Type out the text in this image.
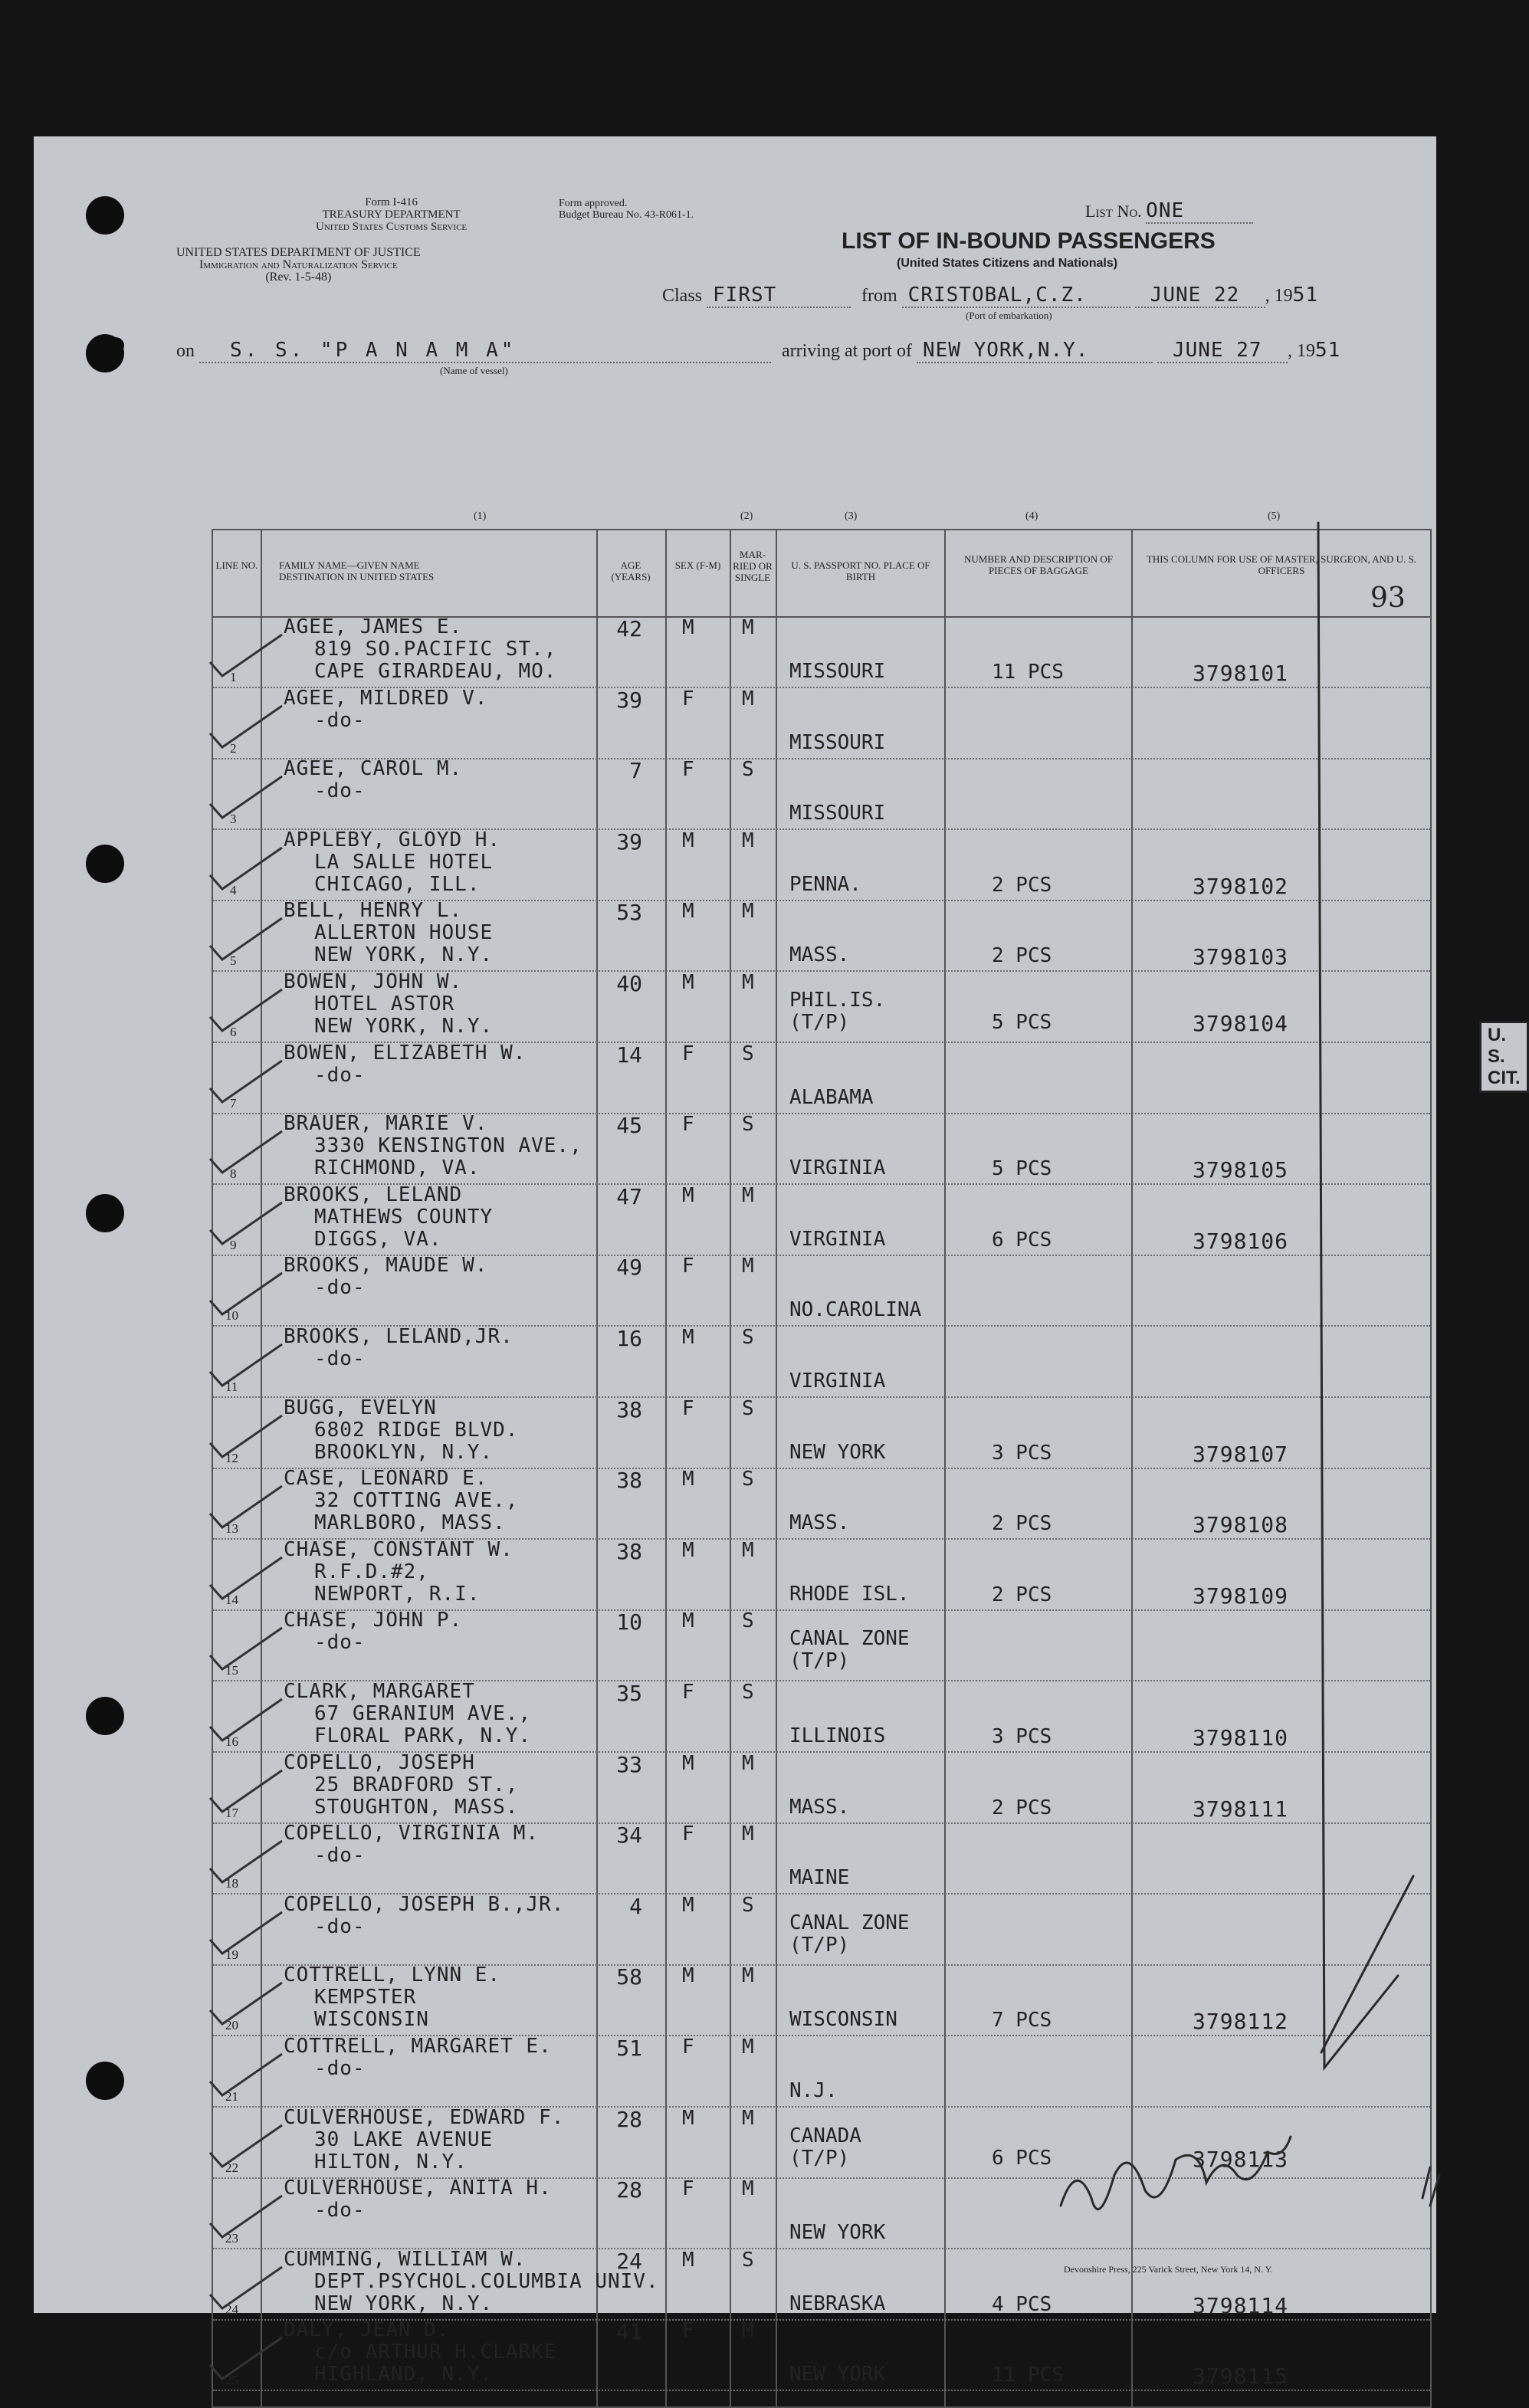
Form I-416
TREASURY DEPARTMENT
United States Customs Service
Form approved.
Budget Bureau No. 43-R061-1.
UNITED STATES DEPARTMENT OF JUSTICE
Immigration and Naturalization Service
(Rev. 1-5-48)
List No. ONE
LIST OF IN-BOUND PASSENGERS
(United States Citizens and Nationals)
Class FIRST	from CRISTOBAL,C.Z.	JUNE 22 , 1951
(Port of embarkation)
on S. S. "P A N A M A"	arriving at port of NEW YORK,N.Y.	JUNE 27 , 1951
(Name of vessel)
93
(1)	(2)	(3)	(4)	(5)
LINE NO. FAMILY NAME—GIVEN NAME DESTINATION IN UNITED STATES
AGE (YEARS)
SEX (F-M)
MAR-RIED OR SINGLE
U. S. PASSPORT NO. PLACE OF BIRTH
NUMBER AND DESCRIPTION OF PIECES OF BAGGAGE
THIS COLUMN FOR USE OF MASTER, SURGEON, AND U. S. OFFICERS
1
AGEE, JAMES E.
819 SO.PACIFIC ST.,
CAPE GIRARDEAU, MO.
42 M M
MISSOURI	11 PCS	3798101
2
AGEE, MILDRED V.
-do-
39 F M
MISSOURI
3
AGEE, CAROL M.
-do-
7 F S
MISSOURI
4
APPLEBY, GLOYD H.
LA SALLE HOTEL
CHICAGO, ILL.
39 M M
PENNA.	2 PCS	3798102
5
BELL, HENRY L.
ALLERTON HOUSE
NEW YORK, N.Y.
53 M M
MASS.	2 PCS	3798103
6
BOWEN, JOHN W.
HOTEL ASTOR
NEW YORK, N.Y.
40 M M
PHIL.IS.
(T/P)	5 PCS	3798104
7
BOWEN, ELIZABETH W.
-do-
14 F S
ALABAMA
8
BRAUER, MARIE V.
3330 KENSINGTON AVE.,
RICHMOND, VA.
45 F S
VIRGINIA	5 PCS	3798105
9
BROOKS, LELAND
MATHEWS COUNTY
DIGGS, VA.
47 M M
VIRGINIA	6 PCS	3798106
10
BROOKS, MAUDE W.
-do-
49 F M
NO.CAROLINA
11
BROOKS, LELAND,JR.
-do-
16 M S
VIRGINIA
12
BUGG, EVELYN
6802 RIDGE BLVD.
BROOKLYN, N.Y.
38 F S
NEW YORK	3 PCS	3798107
13
CASE, LEONARD E.
32 COTTING AVE.,
MARLBORO, MASS.
38 M S
MASS.	2 PCS	3798108
14
CHASE, CONSTANT W.
R.F.D.#2,
NEWPORT, R.I.
38 M M
RHODE ISL.	2 PCS	3798109
15
CHASE, JOHN P.
-do-
10 M S
CANAL ZONE
(T/P)
16
CLARK, MARGARET
67 GERANIUM AVE.,
FLORAL PARK, N.Y.
35 F S
ILLINOIS	3 PCS	3798110
17
COPELLO, JOSEPH
25 BRADFORD ST.,
STOUGHTON, MASS.
33 M M
MASS.	2 PCS	3798111
18
COPELLO, VIRGINIA M.
-do-
34 F M
MAINE
19
COPELLO, JOSEPH B.,JR.
-do-
4 M S
CANAL ZONE
(T/P)
20
COTTRELL, LYNN E.
KEMPSTER
WISCONSIN
58 M M
WISCONSIN	7 PCS	3798112
21
COTTRELL, MARGARET E.
-do-
51 F M
N.J.
22
CULVERHOUSE, EDWARD F.
30 LAKE AVENUE
HILTON, N.Y.
28 M M
CANADA
(T/P)	6 PCS	3798113
23
CULVERHOUSE, ANITA H.
-do-
28 F M
NEW YORK
24
CUMMING, WILLIAM W.
DEPT.PSYCHOL.COLUMBIA UNIV.
NEW YORK, N.Y.
24 M S
NEBRASKA	4 PCS	3798114
25
DALY, JEAN D.
c/o ARTHUR H.CLARKE
HIGHLAND, N.Y.
41 F M
NEW YORK	11 PCS	3798115
U. S. CIT.
Devonshire Press, 225 Varick Street, New York 14, N. Y.
